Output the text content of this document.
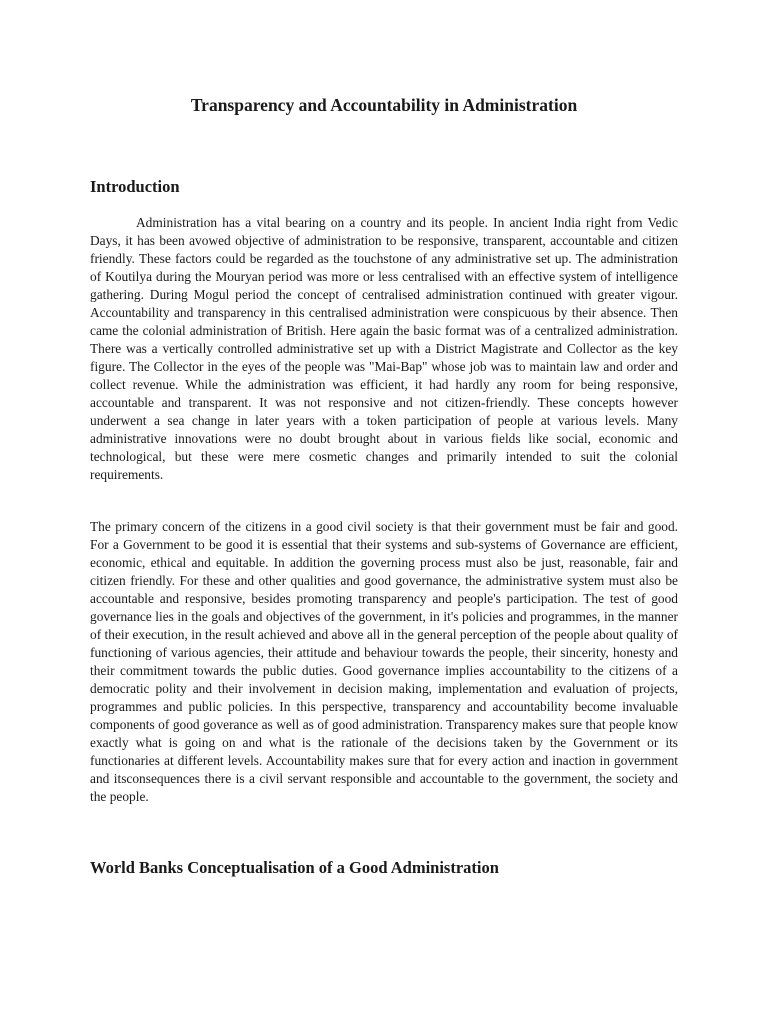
Transparency and Accountability in Administration
Introduction

Administration has a vital bearing on a country and its people. In ancient India right from Vedic Days, it has been avowed objective of administration to be responsive, transparent, accountable and citizen friendly. These factors could be regarded as the touchstone of any administrative set up. The administration of Koutilya during the Mouryan period was more or less centralised with an effective system of intelligence gathering. During Mogul period the concept of centralised administration continued with greater vigour. Accountability and transparency in this centralised administration were conspicuous by their absence. Then came the colonial administration of British. Here again the basic format was of a centralized administration. There was a vertically controlled administrative set up with a District Magistrate and Collector as the key figure. The Collector in the eyes of the people was "Mai-Bap" whose job was to maintain law and order and collect revenue. While the administration was efficient, it had hardly any room for being responsive, accountable and transparent. It was not responsive and not citizen-friendly. These concepts however underwent a sea change in later years with a token participation of people at various levels. Many administrative innovations were no doubt brought about in various fields like social, economic and technological, but these were mere cosmetic changes and primarily intended to suit the colonial requirements.

The primary concern of the citizens in a good civil society is that their government must be fair and good. For a Government to be good it is essential that their systems and sub-systems of Governance are efficient, economic, ethical and equitable. In addition the governing process must also be just, reasonable, fair and citizen friendly. For these and other qualities and good governance, the administrative system must also be accountable and responsive, besides promoting transparency and people's participation. The test of good governance lies in the goals and objectives of the government, in it's policies and programmes, in the manner of their execution, in the result achieved and above all in the general perception of the people about quality of functioning of various agencies, their attitude and behaviour towards the people, their sincerity, honesty and their commitment towards the public duties. Good governance implies accountability to the citizens of a democratic polity and their involvement in decision making, implementation and evaluation of projects, programmes and public policies. In this perspective, transparency and accountability become invaluable components of good goverance as well as of good administration. Transparency makes sure that people know exactly what is going on and what is the rationale of the decisions taken by the Government or its functionaries at different levels. Accountability makes sure that for every action and inaction in government and itsconsequences there is a civil servant responsible and accountable to the government, the society and the people.

World Banks Conceptualisation of a Good Administration
